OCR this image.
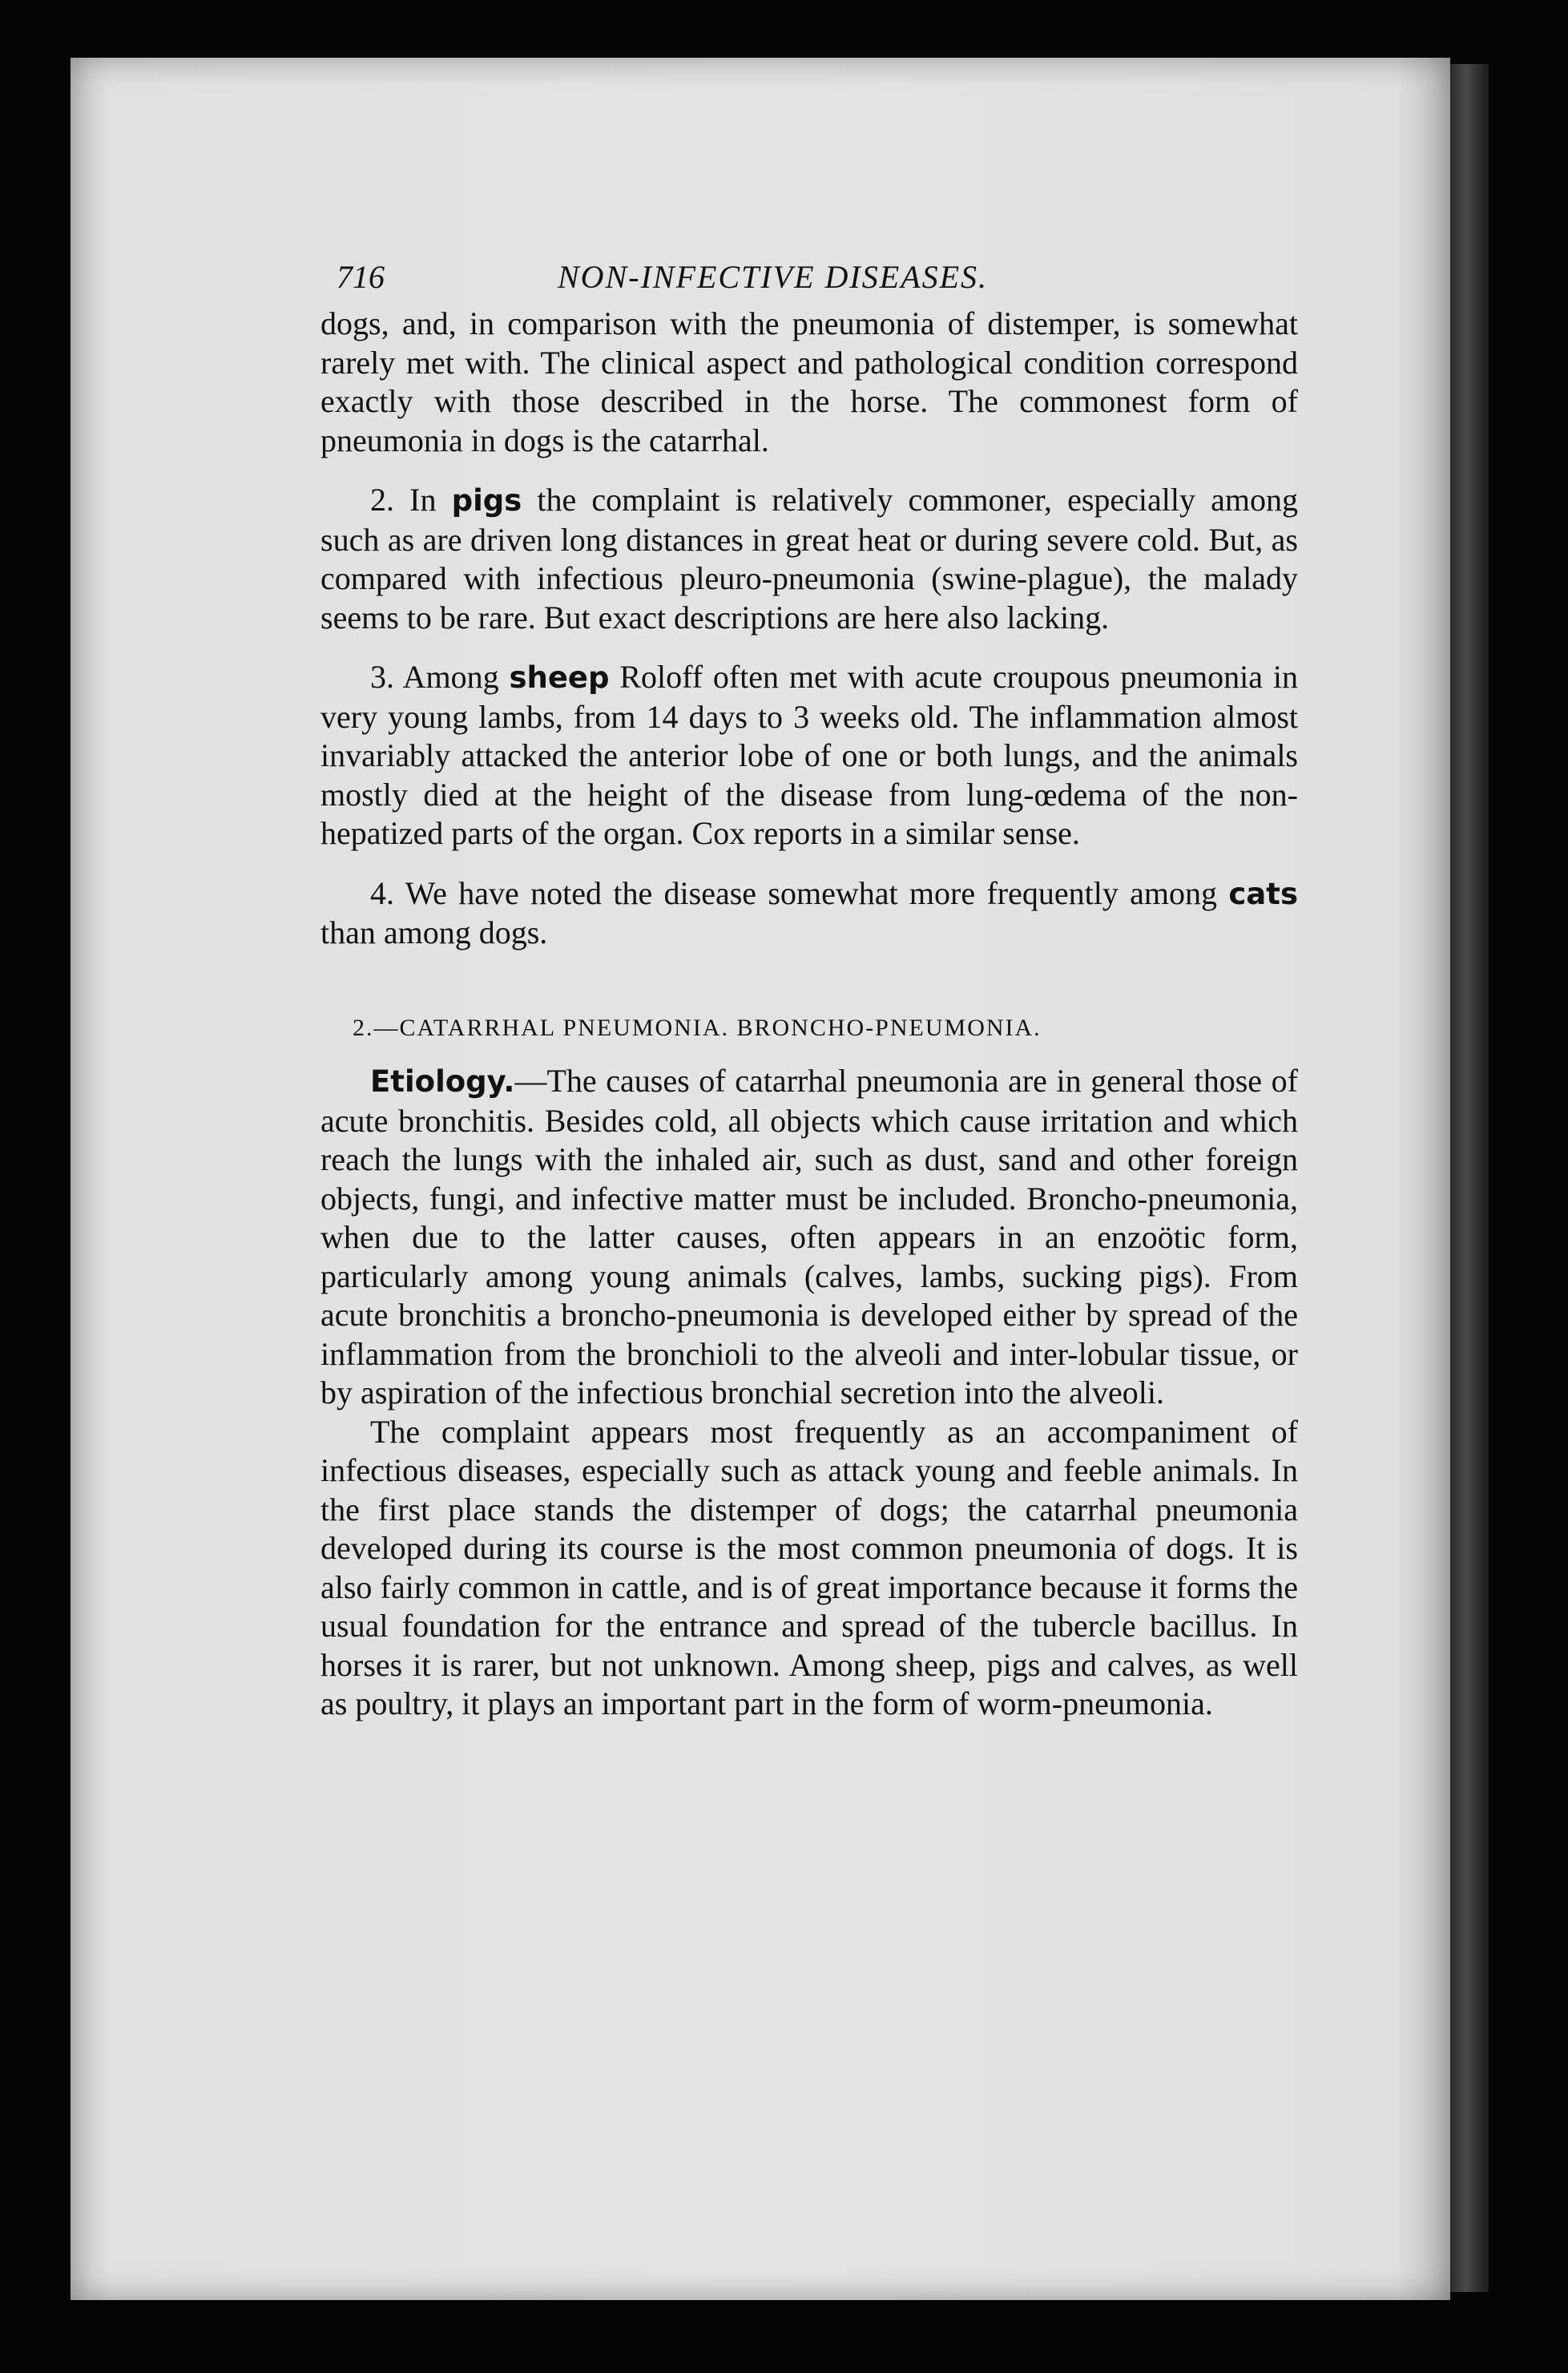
716	NON-INFECTIVE DISEASES.

dogs, and, in comparison with the pneumonia of distemper, is somewhat rarely met with. The clinical aspect and pathological condition correspond exactly with those described in the horse. The commonest form of pneumonia in dogs is the catarrhal.

2. In pigs the complaint is relatively commoner, especially among such as are driven long distances in great heat or during severe cold. But, as compared with infectious pleuro-pneumonia (swine-plague), the malady seems to be rare. But exact descriptions are here also lacking.

3. Among sheep Roloff often met with acute croupous pneumonia in very young lambs, from 14 days to 3 weeks old. The inflammation almost invariably attacked the anterior lobe of one or both lungs, and the animals mostly died at the height of the disease from lung-œdema of the non-hepatized parts of the organ. Cox reports in a similar sense.

4. We have noted the disease somewhat more frequently among cats than among dogs.

2.—CATARRHAL PNEUMONIA. BRONCHO-PNEUMONIA.

Etiology.—The causes of catarrhal pneumonia are in general those of acute bronchitis. Besides cold, all objects which cause irritation and which reach the lungs with the inhaled air, such as dust, sand and other foreign objects, fungi, and infective matter must be included. Broncho-pneumonia, when due to the latter causes, often appears in an enzoötic form, particularly among young animals (calves, lambs, sucking pigs). From acute bronchitis a broncho-pneumonia is developed either by spread of the inflammation from the bronchioli to the alveoli and inter-lobular tissue, or by aspiration of the infectious bronchial secretion into the alveoli.

The complaint appears most frequently as an accompaniment of infectious diseases, especially such as attack young and feeble animals. In the first place stands the distemper of dogs; the catarrhal pneumonia developed during its course is the most common pneumonia of dogs. It is also fairly common in cattle, and is of great importance because it forms the usual foundation for the entrance and spread of the tubercle bacillus. In horses it is rarer, but not unknown. Among sheep, pigs and calves, as well as poultry, it plays an important part in the form of worm-pneumonia.
